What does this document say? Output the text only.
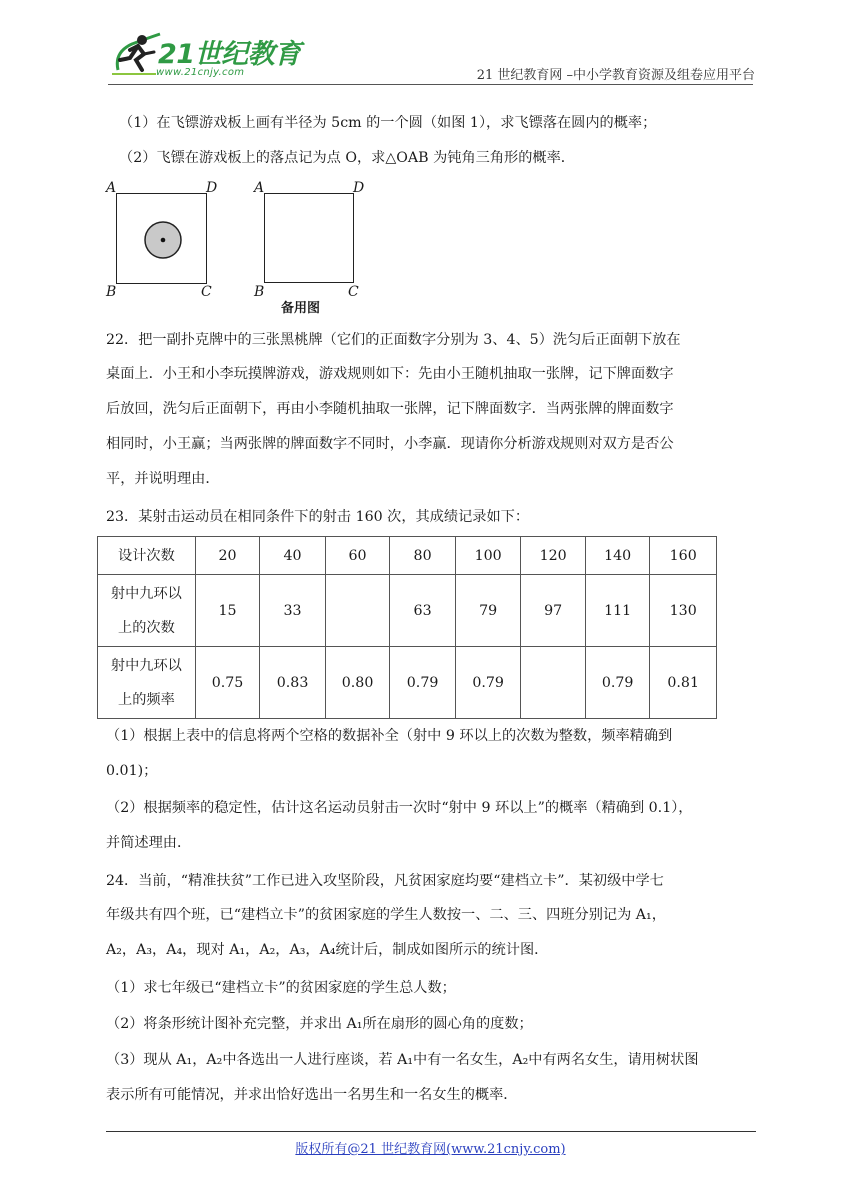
21世纪教育
www.21cnjy.com	21 世纪教育网 –中小学教育资源及组卷应用平台
（1）在飞镖游戏板上画有半径为 5cm 的一个圆（如图 1），求飞镖落在圆内的概率；
（2）飞镖在游戏板上的落点记为点 O，求△OAB 为钝角三角形的概率．
A	D
B	C
A	D
B	C
备用图
22．把一副扑克牌中的三张黑桃牌（它们的正面数字分别为 3、4、5）洗匀后正面朝下放在
桌面上．小王和小李玩摸牌游戏，游戏规则如下：先由小王随机抽取一张牌，记下牌面数字
后放回，洗匀后正面朝下，再由小李随机抽取一张牌，记下牌面数字．当两张牌的牌面数字
相同时，小王赢；当两张牌的牌面数字不同时，小李赢．现请你分析游戏规则对双方是否公
平，并说明理由．
23．某射击运动员在相同条件下的射击 160 次，其成绩记录如下：
设计次数	20	40	60	80	100	120	140	160

射中九环以
上的次数	15	33		63	79	97	111	130

射中九环以
上的频率	0.75	0.83	0.80	0.79	0.79		0.79	0.81
（1）根据上表中的信息将两个空格的数据补全（射中 9 环以上的次数为整数，频率精确到
0.01)；
（2）根据频率的稳定性，估计这名运动员射击一次时“射中 9 环以上”的概率（精确到 0.1），
并简述理由．
24．当前，“精准扶贫”工作已进入攻坚阶段，凡贫困家庭均要“建档立卡”．某初级中学七
年级共有四个班，已“建档立卡”的贫困家庭的学生人数按一、二、三、四班分别记为 A₁，
A₂，A₃，A₄，现对 A₁，A₂，A₃，A₄统计后，制成如图所示的统计图．
（1）求七年级已“建档立卡”的贫困家庭的学生总人数；
（2）将条形统计图补充完整，并求出 A₁所在扇形的圆心角的度数；
（3）现从 A₁，A₂中各选出一人进行座谈，若 A₁中有一名女生，A₂中有两名女生，请用树状图
表示所有可能情况，并求出恰好选出一名男生和一名女生的概率．
版权所有@21 世纪教育网(www.21cnjy.com)
